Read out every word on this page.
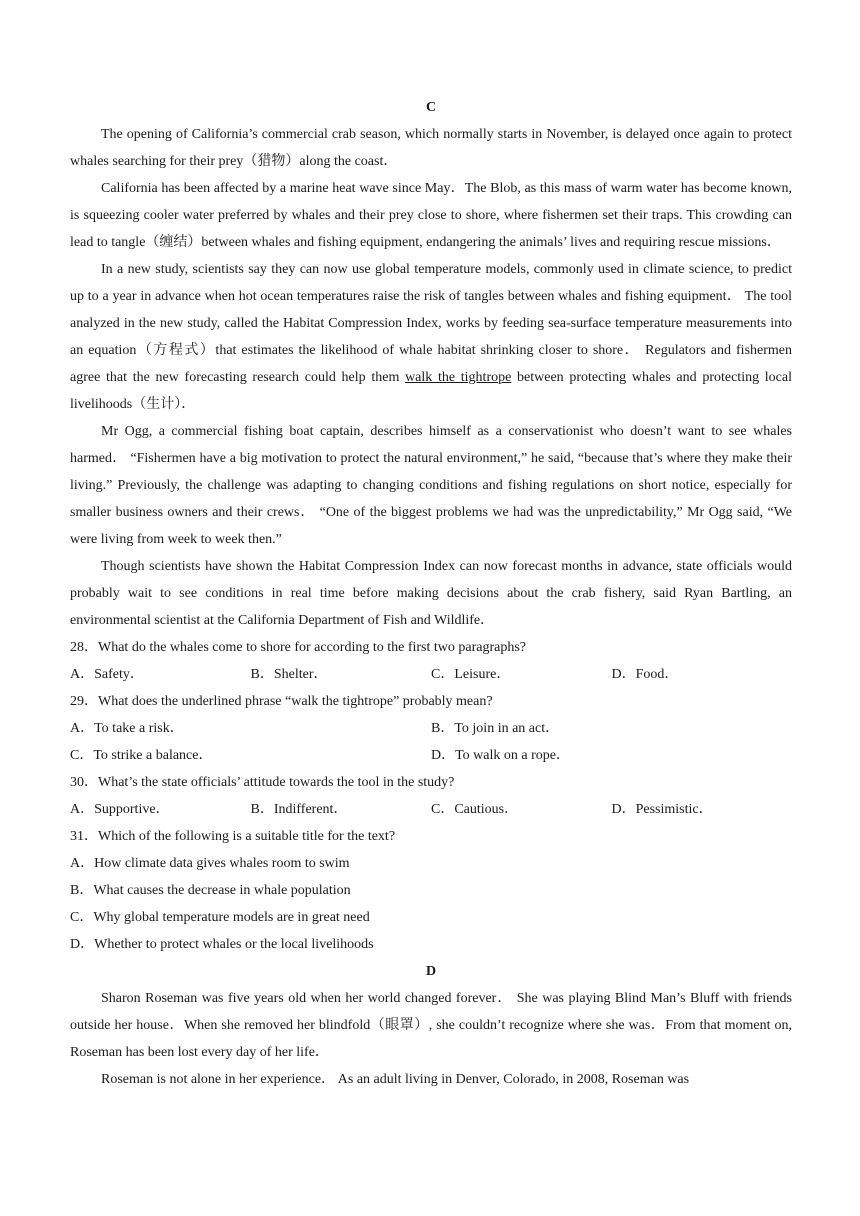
C

The opening of California’s commercial crab season, which normally starts in November, is delayed once again to protect whales searching for their prey（猎物）along the coast．

California has been affected by a marine heat wave since May．The Blob, as this mass of warm water has become known, is squeezing cooler water preferred by whales and their prey close to shore, where fishermen set their traps. This crowding can lead to tangle（缠结）between whales and fishing equipment, endangering the animals’ lives and requiring rescue missions．

In a new study, scientists say they can now use global temperature models, commonly used in climate science, to predict up to a year in advance when hot ocean temperatures raise the risk of tangles between whales and fishing equipment． The tool analyzed in the new study, called the Habitat Compression Index, works by feeding sea-surface temperature measurements into an equation（方程式）that estimates the likelihood of whale habitat shrinking closer to shore． Regulators and fishermen agree that the new forecasting research could help them walk the tightrope between protecting whales and protecting local livelihoods（生计）．

Mr Ogg, a commercial fishing boat captain, describes himself as a conservationist who doesn’t want to see whales harmed． “Fishermen have a big motivation to protect the natural environment,” he said, “because that’s where they make their living.” Previously, the challenge was adapting to changing conditions and fishing regulations on short notice, especially for smaller business owners and their crews． “One of the biggest problems we had was the unpredictability,” Mr Ogg said, “We were living from week to week then.”

Though scientists have shown the Habitat Compression Index can now forecast months in advance, state officials would probably wait to see conditions in real time before making decisions about the crab fishery, said Ryan Bartling, an environmental scientist at the California Department of Fish and Wildlife．

28．What do the whales come to shore for according to the first two paragraphs?

A．Safety．	B．Shelter．	C．Leisure．	D．Food．

29．What does the underlined phrase “walk the tightrope” probably mean?

A．To take a risk．	B．To join in an act．
C．To strike a balance．	D．To walk on a rope．

30．What’s the state officials’ attitude towards the tool in the study?

A．Supportive．	B．Indifferent．	C．Cautious．	D．Pessimistic．

31．Which of the following is a suitable title for the text?

A．How climate data gives whales room to swim
B．What causes the decrease in whale population
C．Why global temperature models are in great need
D．Whether to protect whales or the local livelihoods
D

Sharon Roseman was five years old when her world changed forever． She was playing Blind Man’s Bluff with friends outside her house．When she removed her blindfold（眼罩）, she couldn’t recognize where she was．From that moment on, Roseman has been lost every day of her life．

Roseman is not alone in her experience． As an adult living in Denver, Colorado, in 2008, Roseman was
